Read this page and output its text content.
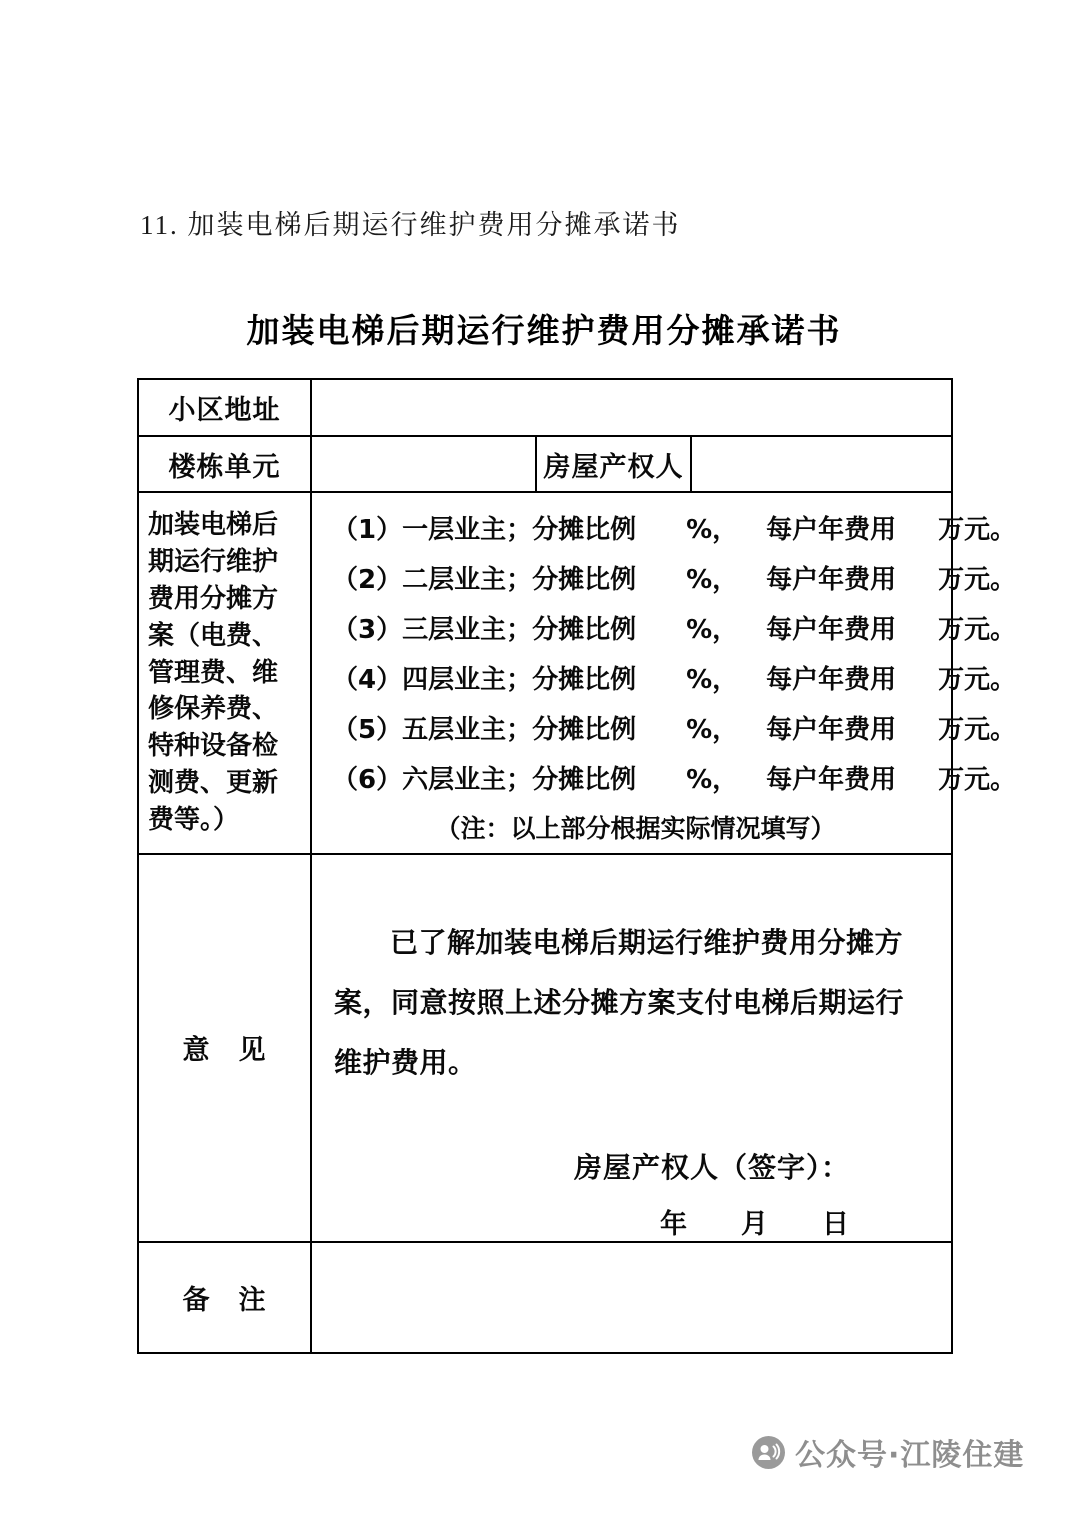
11. 加装电梯后期运行维护费用分摊承诺书
加装电梯后期运行维护费用分摊承诺书
小区地址			
楼栋单元		房屋产权人	
加装电梯后期运行维护费用分摊方案（电费、管理费、维修保养费、特种设备检测费、更新费等。）	
（1）一层业主；分摊比例 %， 每户年费用 万元。
（2）二层业主；分摊比例 %， 每户年费用 万元。
（3）三层业主；分摊比例 %， 每户年费用 万元。
（4）四层业主；分摊比例 %， 每户年费用 万元。
（5）五层业主；分摊比例 %， 每户年费用 万元。
（6）六层业主；分摊比例 %， 每户年费用 万元。
（注：以上部分根据实际情况填写）

意　见	已了解加装电梯后期运行维护费用分摊方案，同意按照上述分摊方案支付电梯后期运行维护费用。
房屋产权人（签字）：
年　　月　　日		

备　注			
公众号·江陵住建
